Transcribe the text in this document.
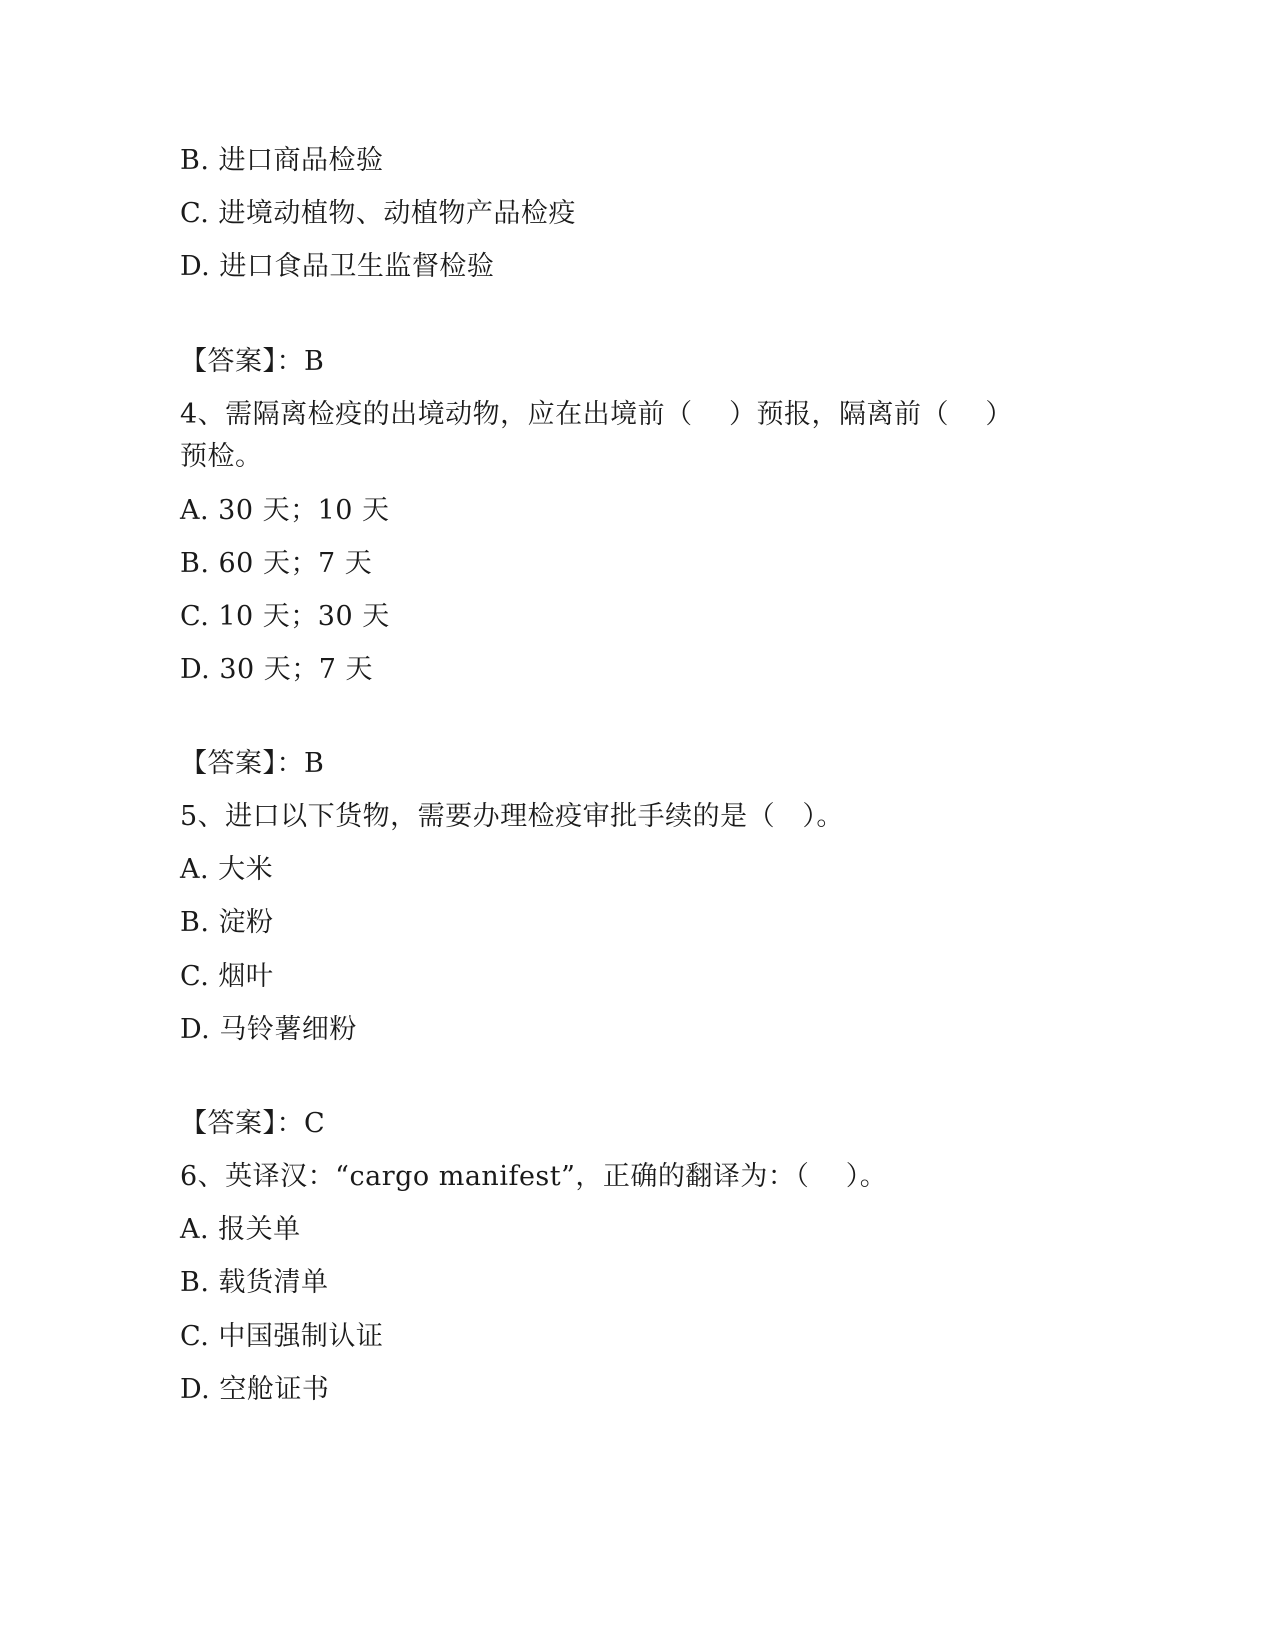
B. 进口商品检验
C. 进境动植物、动植物产品检疫
D. 进口食品卫生监督检验
【答案】：B
4、需隔离检疫的出境动物，应在出境前（    ）预报，隔离前（    ）
预检。
A. 30 天；10 天
B. 60 天；7 天
C. 10 天；30 天
D. 30 天；7 天
【答案】：B
5、进口以下货物，需要办理检疫审批手续的是（   ）。
A. 大米
B. 淀粉
C. 烟叶
D. 马铃薯细粉
【答案】：C
6、英译汉：“cargo manifest”，正确的翻译为：（    ）。
A. 报关单
B. 载货清单
C. 中国强制认证
D. 空舱证书
